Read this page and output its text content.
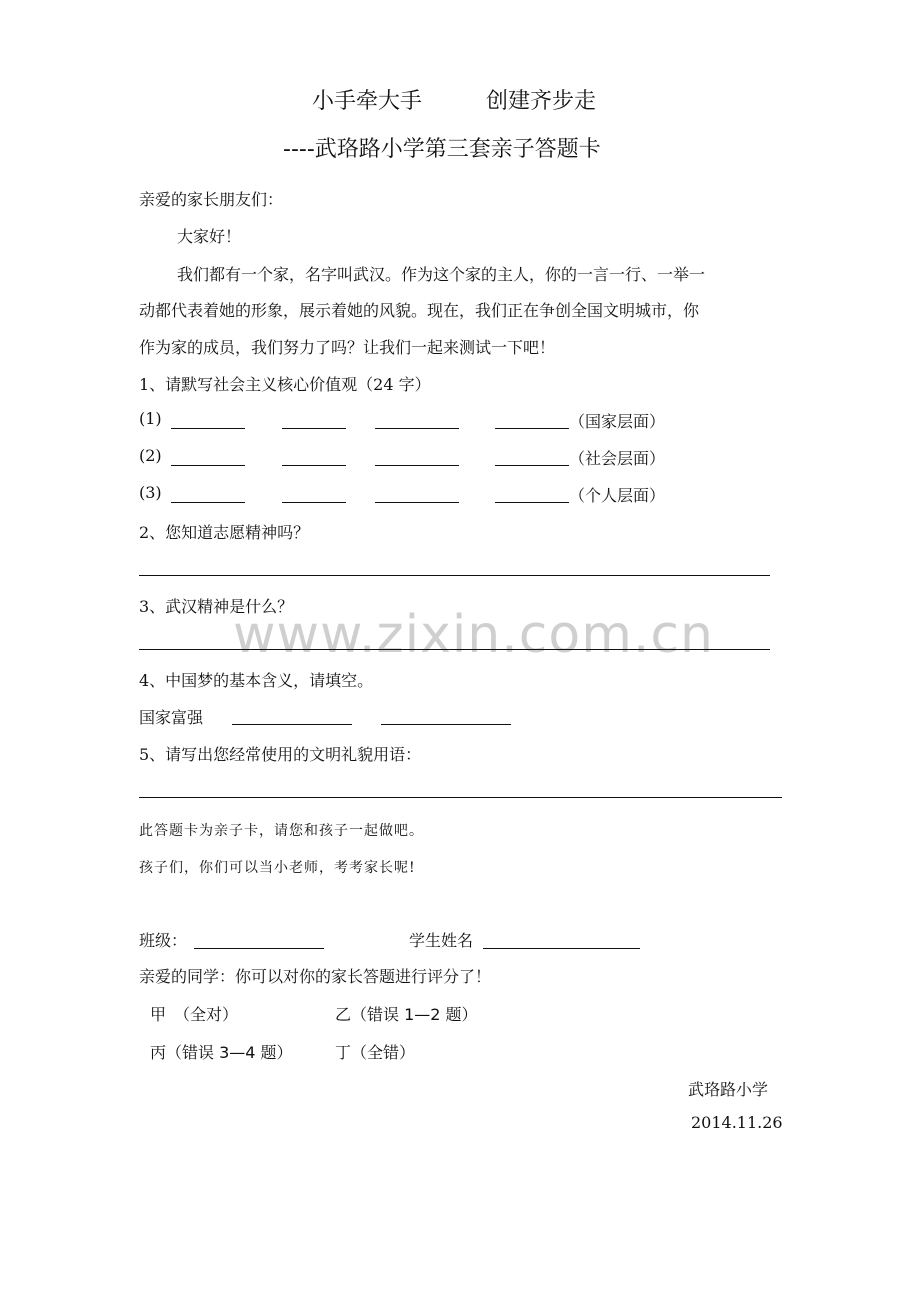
小手牵大手	创建齐步走
----武珞路小学第三套亲子答题卡
亲爱的家长朋友们：
大家好！
我们都有一个家，名字叫武汉。作为这个家的主人，你的一言一行、一举一
动都代表着她的形象，展示着她的风貌。现在，我们正在争创全国文明城市，你
作为家的成员，我们努力了吗？让我们一起来测试一下吧！
1、请默写社会主义核心价值观（24 字）
(1)	（国家层面）
(2)	（社会层面）
(3)	（个人层面）
2、您知道志愿精神吗？
3、武汉精神是什么？
www.zixin.com.cn
4、中国梦的基本含义，请填空。
国家富强
5、请写出您经常使用的文明礼貌用语：
此答题卡为亲子卡，请您和孩子一起做吧。
孩子们，你们可以当小老师，考考家长呢!
班级：	学生姓名
亲爱的同学：你可以对你的家长答题进行评分了！
甲　（全对）	乙（错误 1—2 题）
丙（错误 3—4 题）	丁（全错）
武珞路小学
2014.11.26
